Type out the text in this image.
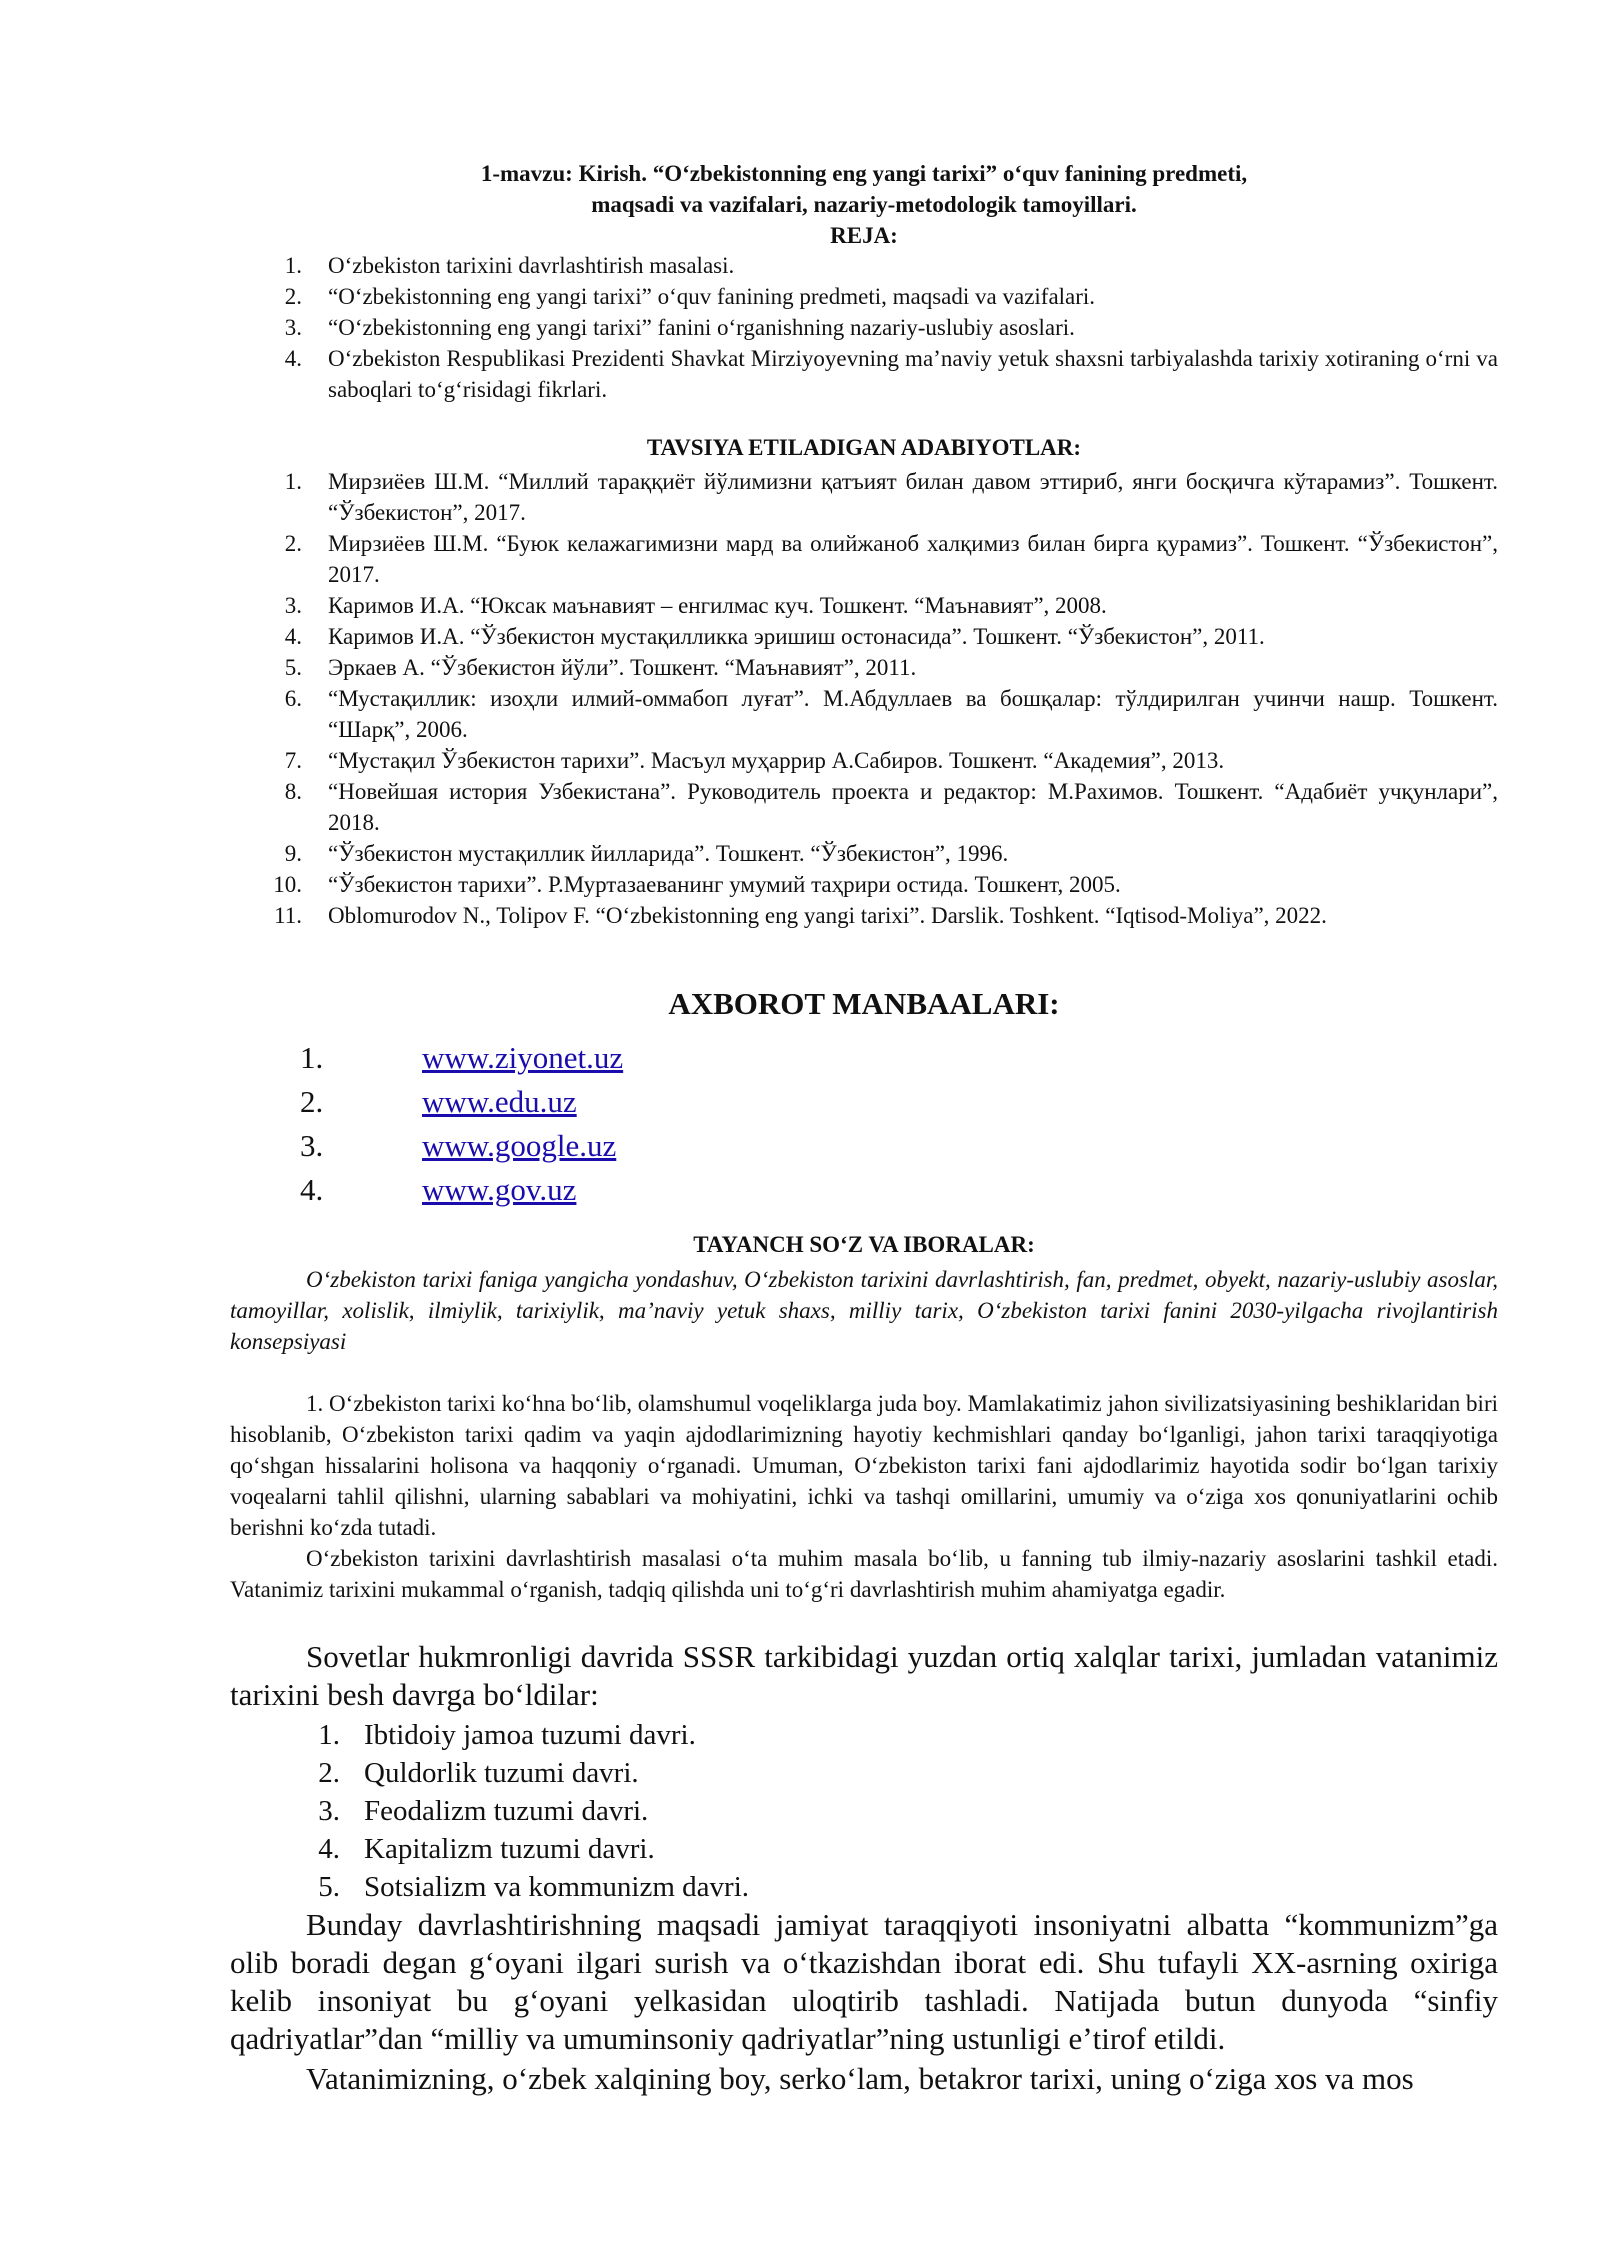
1-mavzu: Kirish. “Oʻzbekistonning eng yangi tarixi” oʻquv fanining predmeti,
maqsadi va vazifalari, nazariy-metodologik tamoyillari.
REJA:
1. Oʻzbekiston tarixini davrlashtirish masalasi.
2. “Oʻzbekistonning eng yangi tarixi” oʻquv fanining predmeti, maqsadi va vazifalari.
3. “Oʻzbekistonning eng yangi tarixi” fanini oʻrganishning nazariy-uslubiy asoslari.
4. Oʻzbekiston Respublikasi Prezidenti Shavkat Mirziyoyevning maʼnaviy yetuk shaxsni tarbiyalashda tarixiy xotiraning oʻrni va saboqlari toʻgʻrisidagi fikrlari.
TAVSIYA ETILADIGAN ADABIYOTLAR:
1. Мирзиёев Ш.М. “Миллий тараққиёт йўлимизни қатъият билан давом эттириб, янги босқичга кўтарамиз”. Тошкент. “Ўзбекистон”, 2017.
2. Мирзиёев Ш.М. “Буюк келажагимизни мард ва олийжаноб халқимиз билан бирга қурамиз”. Тошкент. “Ўзбекистон”, 2017.
3. Каримов И.А. “Юксак маънавият – енгилмас куч. Тошкент. “Маънавият”, 2008.
4. Каримов И.А. “Ўзбекистон мустақилликка эришиш остонасида”. Тошкент. “Ўзбекистон”, 2011.
5. Эркаев А. “Ўзбекистон йўли”. Тошкент. “Маънавият”, 2011.
6. “Мустақиллик: изоҳли илмий-оммабоп луғат”. М.Абдуллаев ва бошқалар: тўлдирилган учинчи нашр. Тошкент. “Шарқ”, 2006.
7. “Мустақил Ўзбекистон тарихи”. Масъул муҳаррир А.Сабиров. Тошкент. “Академия”, 2013.
8. “Новейшая история Узбекистана”. Руководитель проекта и редактор: М.Рахимов. Тошкент. “Адабиёт учқунлари”, 2018.
9. “Ўзбекистон мустақиллик йилларида”. Тошкент. “Ўзбекистон”, 1996.
10. “Ўзбекистон тарихи”. Р.Муртазаеванинг умумий таҳрири остида. Тошкент, 2005.
11. Oblomurodov N., Tolipov F. “Oʻzbekistonning eng yangi tarixi”. Darslik. Toshkent. “Iqtisod-Moliya”, 2022.
AXBOROT MANBAALARI:
1.	www.ziyonet.uz
2.	www.edu.uz
3.	www.google.uz
4.	www.gov.uz
TAYANCH SOʻZ VA IBORALAR:
Oʻzbekiston tarixi faniga yangicha yondashuv, Oʻzbekiston tarixini davrlashtirish, fan, predmet, obyekt, nazariy-uslubiy asoslar, tamoyillar, xolislik, ilmiylik, tarixiylik, maʼnaviy yetuk shaxs, milliy tarix, Oʻzbekiston tarixi fanini 2030-yilgacha rivojlantirish konsepsiyasi
1. Oʻzbekiston tarixi koʻhna boʻlib, olamshumul voqeliklarga juda boy. Mamlakatimiz jahon sivilizatsiyasining beshiklaridan biri hisoblanib, Oʻzbekiston tarixi qadim va yaqin ajdodlarimizning hayotiy kechmishlari qanday boʻlganligi, jahon tarixi taraqqiyotiga qoʻshgan hissalarini holisona va haqqoniy oʻrganadi. Umuman, Oʻzbekiston tarixi fani ajdodlarimiz hayotida sodir boʻlgan tarixiy voqealarni tahlil qilishni, ularning sabablari va mohiyatini, ichki va tashqi omillarini, umumiy va oʻziga xos qonuniyatlarini ochib berishni koʻzda tutadi.
Oʻzbekiston tarixini davrlashtirish masalasi oʻta muhim masala boʻlib, u fanning tub ilmiy-nazariy asoslarini tashkil etadi. Vatanimiz tarixini mukammal oʻrganish, tadqiq qilishda uni toʻgʻri davrlashtirish muhim ahamiyatga egadir.
Sovetlar hukmronligi davrida SSSR tarkibidagi yuzdan ortiq xalqlar tarixi, jumladan vatanimiz tarixini besh davrga boʻldilar:
1. Ibtidoiy jamoa tuzumi davri.
2. Quldorlik tuzumi davri.
3. Feodalizm tuzumi davri.
4. Kapitalizm tuzumi davri.
5. Sotsializm va kommunizm davri.
Bunday davrlashtirishning maqsadi jamiyat taraqqiyoti insoniyatni albatta “kommunizm”ga olib boradi degan gʻoyani ilgari surish va oʻtkazishdan iborat edi. Shu tufayli XX-asrning oxiriga kelib insoniyat bu gʻoyani yelkasidan uloqtirib tashladi. Natijada butun dunyoda “sinfiy qadriyatlar”dan “milliy va umuminsoniy qadriyatlar”ning ustunligi eʼtirof etildi.
Vatanimizning, oʻzbek xalqining boy, serkoʻlam, betakror tarixi, uning oʻziga xos va mos
